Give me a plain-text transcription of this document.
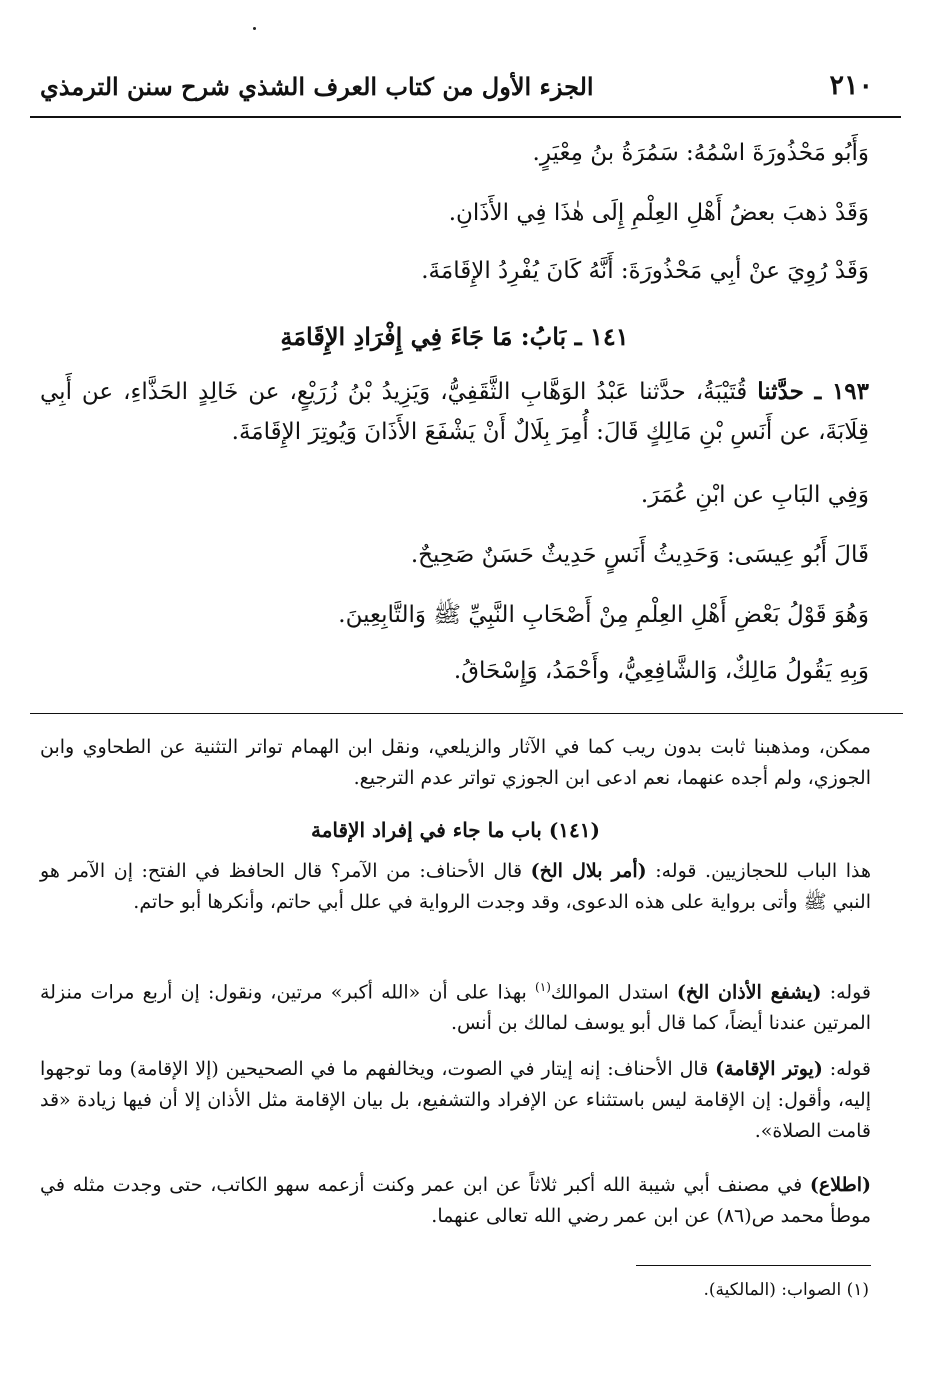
٢١٠
الجزء الأول من كتاب العرف الشذي شرح سنن الترمذي
وَأَبُو مَحْذُورَةَ اسْمُهُ: سَمُرَةُ بنُ مِعْيَرٍ.
وَقَدْ ذهبَ بعضُ أَهْلِ العِلْمِ إِلَى هٰذَا فِي الأَذَانِ.
وَقَدْ رُوِيَ عنْ أبِي مَحْذُورَةَ: أَنَّهُ كَانَ يُفْرِدُ الإِقَامَةَ.
١٤١ ـ بَابُ: مَا جَاءَ فِي إِفْرَادِ الإِقَامَةِ
١٩٣ ـ حدَّثنا قُتَيْبَةُ، حدَّثنا عَبْدُ الوَهَّابِ الثَّقَفِيُّ، وَيَزِيدُ بْنُ زُرَيْعٍ، عن خَالِدٍ الحَذَّاءِ، عن أَبِي قِلَابَةَ، عن أَنَسِ بْنِ مَالِكٍ قَالَ: أُمِرَ بِلَالٌ أَنْ يَشْفَعَ الأَذَانَ وَيُوتِرَ الإِقَامَةَ.
وَفِي البَابِ عن ابْنِ عُمَرَ.
قَالَ أَبُو عِيسَى: وَحَدِيثُ أَنَسٍ حَدِيثٌ حَسَنٌ صَحِيحٌ.
وَهُوَ قَوْلُ بَعْضِ أَهْلِ العِلْمِ مِنْ أَصْحَابِ النَّبِيِّ ﷺ وَالتَّابِعِينَ.
وَبِهِ يَقُولُ مَالِكٌ، وَالشَّافِعِيُّ، وأَحْمَدُ، وَإِسْحَاقُ.
ممكن، ومذهبنا ثابت بدون ريب كما في الآثار والزيلعي، ونقل ابن الهمام تواتر التثنية عن الطحاوي وابن الجوزي، ولم أجده عنهما، نعم ادعى ابن الجوزي تواتر عدم الترجيع.
(١٤١) باب ما جاء في إفراد الإقامة
هذا الباب للحجازيين. قوله: (أمر بلال الخ) قال الأحناف: من الآمر؟ قال الحافظ في الفتح: إن الآمر هو النبي ﷺ وأتى برواية على هذه الدعوى، وقد وجدت الرواية في علل أبي حاتم، وأنكرها أبو حاتم.
قوله: (يشفع الأذان الخ) استدل الموالك$^{(١)}$ بهذا على أن «الله أكبر» مرتين، ونقول: إن أربع مرات منزلة المرتين عندنا أيضاً، كما قال أبو يوسف لمالك بن أنس.
قوله: (يوتر الإقامة) قال الأحناف: إنه إيتار في الصوت، ويخالفهم ما في الصحيحين (إلا الإقامة) وما توجهوا إليه، وأقول: إن الإقامة ليس باستثناء عن الإفراد والتشفيع، بل بيان الإقامة مثل الأذان إلا أن فيها زيادة «قد قامت الصلاة».
(اطلاع) في مصنف أبي شيبة الله أكبر ثلاثاً عن ابن عمر وكنت أزعمه سهو الكاتب، حتى وجدت مثله في موطأ محمد ص(٨٦) عن ابن عمر رضي الله تعالى عنهما.
(١) الصواب: (المالكية).
